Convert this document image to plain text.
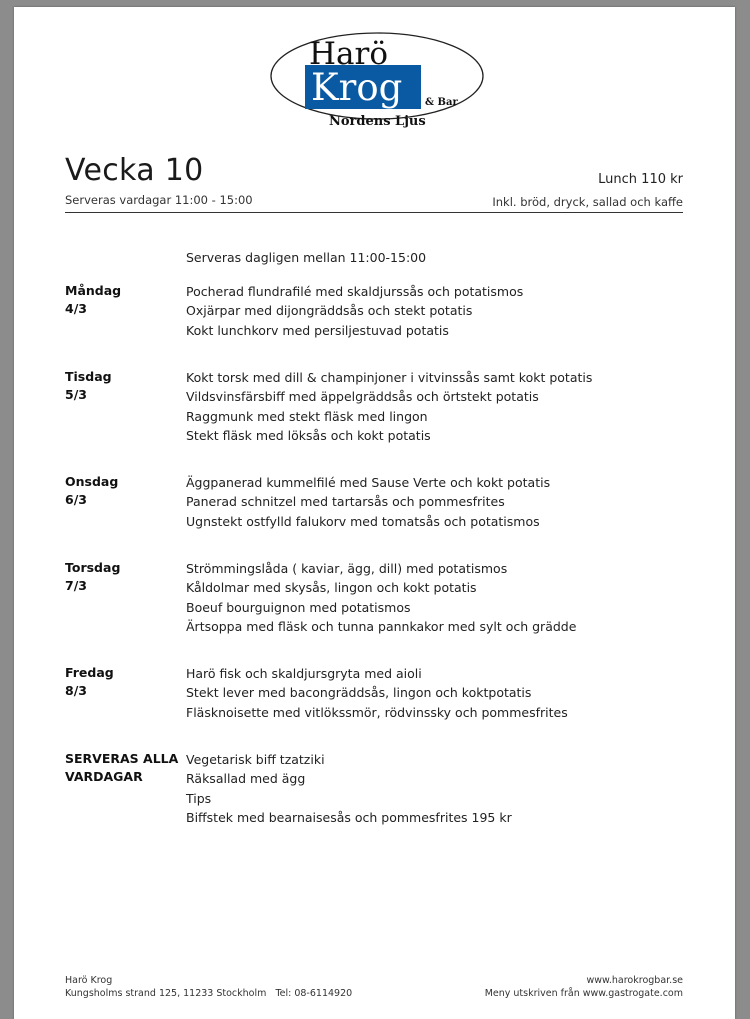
Harö
Krog & Bar
Nordens Ljus
Vecka 10
Serveras vardagar 11:00 - 15:00
Lunch 110 kr
Inkl. bröd, dryck, sallad och kaffe
Serveras dagligen mellan 11:00-15:00
Måndag
4/3
Pocherad flundrafilé med skaldjurssås och potatismos
Oxjärpar med dijongräddsås och stekt potatis
Kokt lunchkorv med persiljestuvad potatis
Tisdag
5/3
Kokt torsk med dill & champinjoner i vitvinssås samt kokt potatis
Vildsvinsfärsbiff med äppelgräddsås och örtstekt potatis
Raggmunk med stekt fläsk med lingon
Stekt fläsk med löksås och kokt potatis
Onsdag
6/3
Äggpanerad kummelfilé med Sause Verte och kokt potatis
Panerad schnitzel med tartarsås och pommesfrites
Ugnstekt ostfylld falukorv med tomatsås och potatismos
Torsdag
7/3
Strömmingslåda ( kaviar, ägg, dill) med potatismos
Kåldolmar med skysås, lingon och kokt potatis
Boeuf bourguignon med potatismos
Ärtsoppa med fläsk och tunna pannkakor med sylt och grädde
Fredag
8/3
Harö fisk och skaldjursgryta med aioli
Stekt lever med bacongräddsås, lingon och koktpotatis
Fläsknoisette med vitlökssmör, rödvinssky och pommesfrites
SERVERAS ALLA
VARDAGAR
Vegetarisk biff tzatziki
Räksallad med ägg
Tips
Biffstek med bearnaisesås och pommesfrites 195 kr
Harö Krog
Kungsholms strand 125, 11233 Stockholm Tel: 08-6114920
www.harokrogbar.se
Meny utskriven från www.gastrogate.com
